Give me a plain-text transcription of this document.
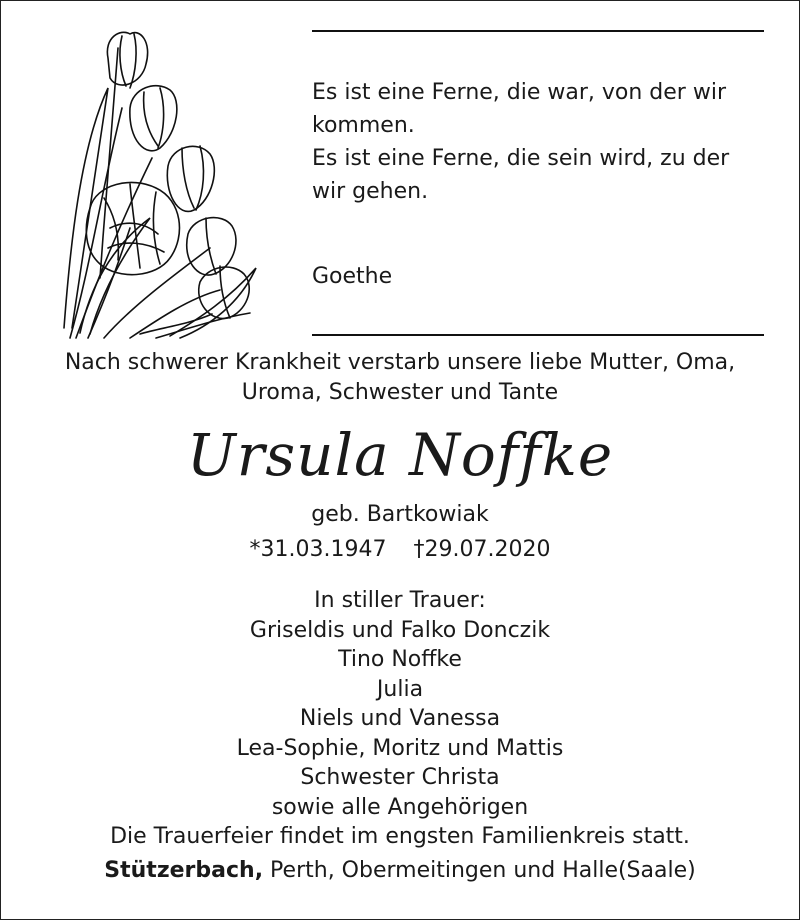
Es ist eine Ferne, die war, von der wir
kommen.
Es ist eine Ferne, die sein wird, zu der
wir gehen.
Goethe
Nach schwerer Krankheit verstarb unsere liebe Mutter, Oma,
Uroma, Schwester und Tante
Ursula Noffke
geb. Bartkowiak
*31.03.1947 †29.07.2020
In stiller Trauer:
Griseldis und Falko Donczik
Tino Noffke
Julia
Niels und Vanessa
Lea-Sophie, Moritz und Mattis
Schwester Christa
sowie alle Angehörigen
Die Trauerfeier findet im engsten Familienkreis statt.
Stützerbach, Perth, Obermeitingen und Halle(Saale)
